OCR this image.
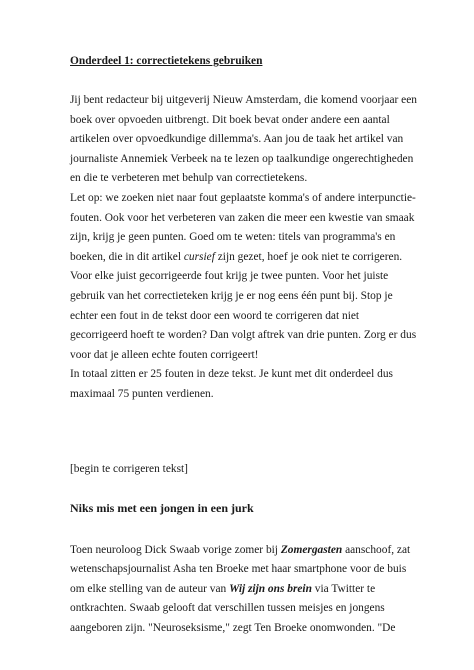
Onderdeel 1: correctietekens gebruiken

Jij bent redacteur bij uitgeverij Nieuw Amsterdam, die komend voorjaar een
boek over opvoeden uitbrengt. Dit boek bevat onder andere een aantal
artikelen over opvoedkundige dillemma's. Aan jou de taak het artikel van
journaliste Annemiek Verbeek na te lezen op taalkundige ongerechtigheden
en die te verbeteren met behulp van correctietekens.
Let op: we zoeken niet naar fout geplaatste komma's of andere interpunctie-
fouten. Ook voor het verbeteren van zaken die meer een kwestie van smaak
zijn, krijg je geen punten. Goed om te weten: titels van programma's en
boeken, die in dit artikel cursief zijn gezet, hoef je ook niet te corrigeren.
Voor elke juist gecorrigeerde fout krijg je twee punten. Voor het juiste
gebruik van het correctieteken krijg je er nog eens één punt bij. Stop je
echter een fout in de tekst door een woord te corrigeren dat niet
gecorrigeerd hoeft te worden? Dan volgt aftrek van drie punten. Zorg er dus
voor dat je alleen echte fouten corrigeert!
In totaal zitten er 25 fouten in deze tekst. Je kunt met dit onderdeel dus
maximaal 75 punten verdienen.

[begin te corrigeren tekst]

Niks mis met een jongen in een jurk

Toen neuroloog Dick Swaab vorige zomer bij Zomergasten aanschoof, zat
wetenschapsjournalist Asha ten Broeke met haar smartphone voor de buis
om elke stelling van de auteur van Wij zijn ons brein via Twitter te
ontkrachten. Swaab gelooft dat verschillen tussen meisjes en jongens
aangeboren zijn. "Neuroseksisme," zegt Ten Broeke onomwonden. "De
